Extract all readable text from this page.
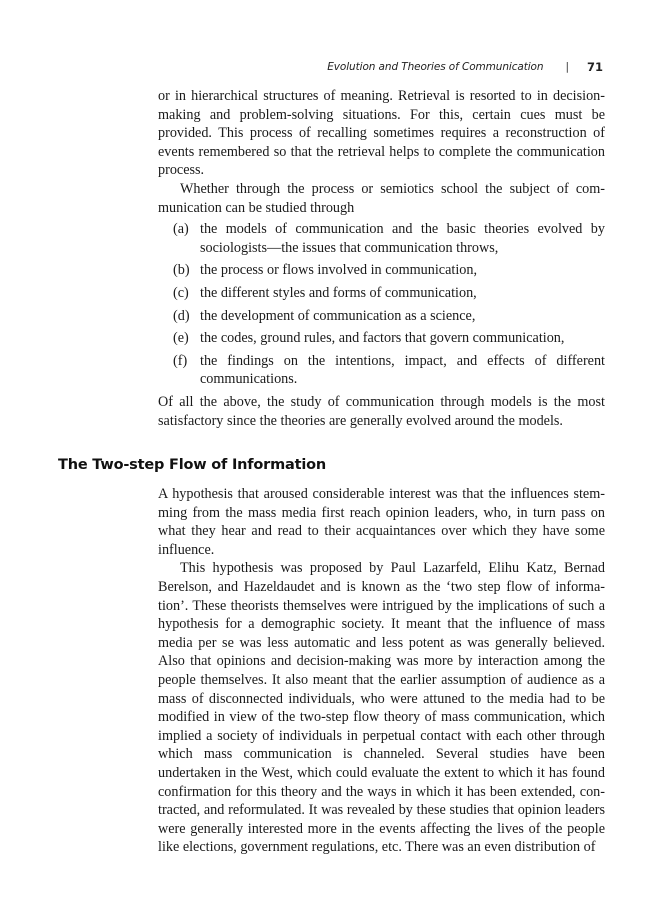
Evolution and Theories of Communication | 71

or in hierarchical structures of meaning. Retrieval is resorted to in decision-making and problem-solving situations. For this, certain cues must be provided. This process of recalling sometimes requires a reconstruction of events remembered so that the retrieval helps to complete the communication process.

Whether through the process or semiotics school the subject of communication can be studied through

(a) the models of communication and the basic theories evolved by sociologists—the issues that communication throws,
(b) the process or flows involved in communication,
(c) the different styles and forms of communication,
(d) the development of communication as a science,
(e) the codes, ground rules, and factors that govern communication,
(f) the findings on the intentions, impact, and effects of different communications.

Of all the above, the study of communication through models is the most satisfactory since the theories are generally evolved around the models.

The Two-step Flow of Information

A hypothesis that aroused considerable interest was that the influences stemming from the mass media first reach opinion leaders, who, in turn pass on what they hear and read to their acquaintances over which they have some influence.

This hypothesis was proposed by Paul Lazarfeld, Elihu Katz, Bernad Berelson, and Hazeldaudet and is known as the ‘two step flow of information’. These theorists themselves were intrigued by the implications of such a hypothesis for a demographic society. It meant that the influence of mass media per se was less automatic and less potent as was generally believed. Also that opinions and decision-making was more by interaction among the people themselves. It also meant that the earlier assumption of audience as a mass of disconnected individuals, who were attuned to the media had to be modified in view of the two-step flow theory of mass communication, which implied a society of individuals in perpetual contact with each other through which mass communication is channeled. Several studies have been undertaken in the West, which could evaluate the extent to which it has found confirmation for this theory and the ways in which it has been extended, contracted, and reformulated. It was revealed by these studies that opinion leaders were generally interested more in the events affecting the lives of the people like elections, government regulations, etc. There was an even distribution of
